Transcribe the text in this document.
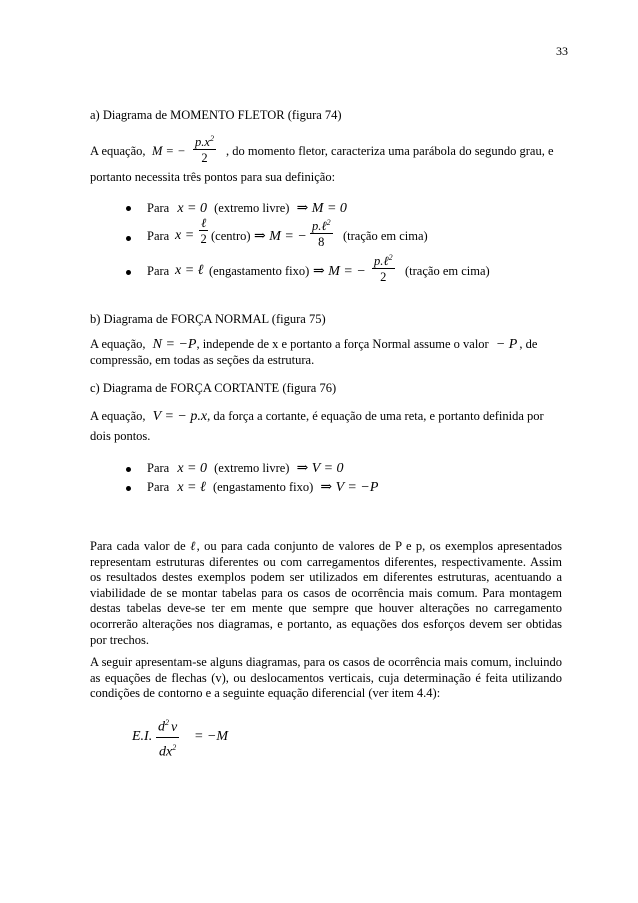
33
a) Diagrama de MOMENTO FLETOR (figura 74)
A equação, M = − $\frac{p.x^2}{2}$ , do momento fletor, caracteriza uma parábola do segundo grau, e
portanto necessita três pontos para sua definição:
Para x = 0 (extremo livre) ⇒ M = 0
Para x =
ℓ
2 (centro) ⇒ M = −
p.ℓ$^2$
8	(tração em cima)
Para x = ℓ (engastamento fixo) ⇒ M = −
p.ℓ$^2$
2	(tração em cima)
b) Diagrama de FORÇA NORMAL (figura 75)
A equação, N = −P, independe de x e portanto a força Normal assume o valor − P , de
compressão, em todas as seções da estrutura.
c) Diagrama de FORÇA CORTANTE (figura 76)
A equação, V = − p.x, da força a cortante, é equação de uma reta, e portanto definida por
dois pontos.
Para x = 0 (extremo livre) ⇒ V = 0
Para x = ℓ (engastamento fixo) ⇒ V = −P
Para cada valor de ℓ, ou para cada conjunto de valores de P e p, os exemplos apresentados representam estruturas diferentes ou com carregamentos diferentes, respectivamente. Assim os resultados destes exemplos podem ser utilizados em diferentes estruturas, acentuando a viabilidade de se montar tabelas para os casos de ocorrência mais comum. Para montagem destas tabelas deve-se ter em mente que sempre que houver alterações no carregamento ocorrerão alterações nos diagramas, e portanto, as equações dos esforços devem ser obtidas por trechos.
A seguir apresentam-se alguns diagramas, para os casos de ocorrência mais comum, incluindo as equações de flechas (v), ou deslocamentos verticais, cuja determinação é feita utilizando condições de contorno e a seguinte equação diferencial (ver item 4.4):
E.I. $\frac{d^2 v}{dx^2} = -M$
